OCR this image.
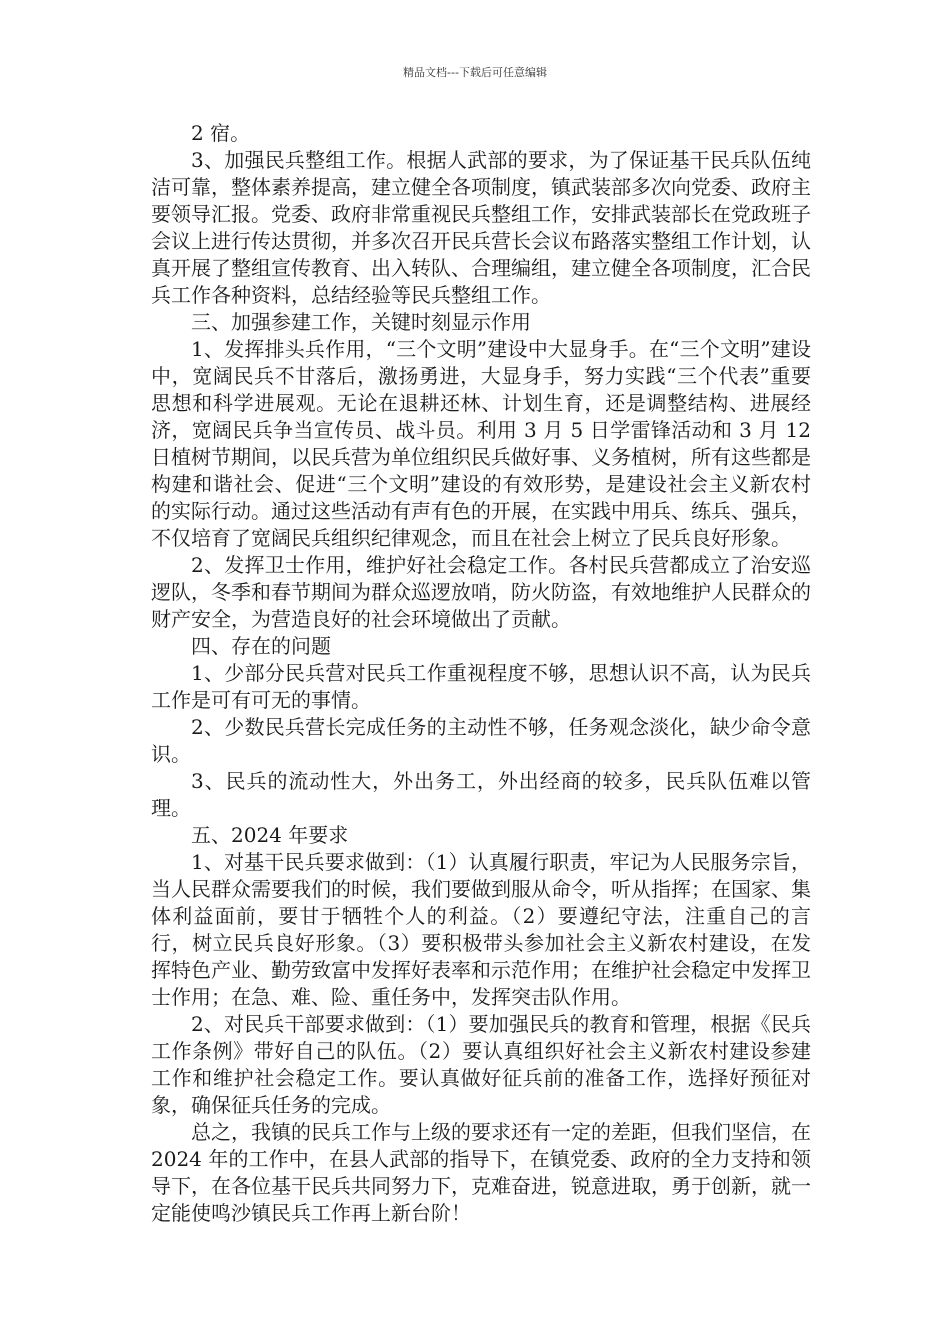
精品文档---下载后可任意编辑

2 宿。

3、加强民兵整组工作。根据人武部的要求，为了保证基干民兵队伍纯洁可靠，整体素养提高，建立健全各项制度，镇武装部多次向党委、政府主要领导汇报。党委、政府非常重视民兵整组工作，安排武装部长在党政班子会议上进行传达贯彻，并多次召开民兵营长会议布路落实整组工作计划，认真开展了整组宣传教育、出入转队、合理编组，建立健全各项制度，汇合民兵工作各种资料，总结经验等民兵整组工作。

三、加强参建工作，关键时刻显示作用

1、发挥排头兵作用，“三个文明”建设中大显身手。在“三个文明”建设中，宽阔民兵不甘落后，激扬勇进，大显身手，努力实践“三个代表”重要思想和科学进展观。无论在退耕还林、计划生育，还是调整结构、进展经济，宽阔民兵争当宣传员、战斗员。利用 3 月 5 日学雷锋活动和 3 月 12 日植树节期间，以民兵营为单位组织民兵做好事、义务植树，所有这些都是构建和谐社会、促进“三个文明”建设的有效形势，是建设社会主义新农村的实际行动。通过这些活动有声有色的开展，在实践中用兵、练兵、强兵，不仅培育了宽阔民兵组织纪律观念，而且在社会上树立了民兵良好形象。

2、发挥卫士作用，维护好社会稳定工作。各村民兵营都成立了治安巡逻队，冬季和春节期间为群众巡逻放哨，防火防盗，有效地维护人民群众的财产安全，为营造良好的社会环境做出了贡献。

四、存在的问题

1、少部分民兵营对民兵工作重视程度不够，思想认识不高，认为民兵工作是可有可无的事情。

2、少数民兵营长完成任务的主动性不够，任务观念淡化，缺少命令意识。

3、民兵的流动性大，外出务工，外出经商的较多，民兵队伍难以管理。

五、2024 年要求

1、对基干民兵要求做到：（1）认真履行职责，牢记为人民服务宗旨，当人民群众需要我们的时候，我们要做到服从命令，听从指挥；在国家、集体利益面前，要甘于牺牲个人的利益。（2）要遵纪守法，注重自己的言行，树立民兵良好形象。（3）要积极带头参加社会主义新农村建设，在发挥特色产业、勤劳致富中发挥好表率和示范作用；在维护社会稳定中发挥卫士作用；在急、难、险、重任务中，发挥突击队作用。

2、对民兵干部要求做到：（1）要加强民兵的教育和管理，根据《民兵工作条例》带好自己的队伍。（2）要认真组织好社会主义新农村建设参建工作和维护社会稳定工作。要认真做好征兵前的准备工作，选择好预征对象，确保征兵任务的完成。

总之，我镇的民兵工作与上级的要求还有一定的差距，但我们坚信，在 2024 年的工作中，在县人武部的指导下，在镇党委、政府的全力支持和领导下，在各位基干民兵共同努力下，克难奋进，锐意进取，勇于创新，就一定能使鸣沙镇民兵工作再上新台阶！
